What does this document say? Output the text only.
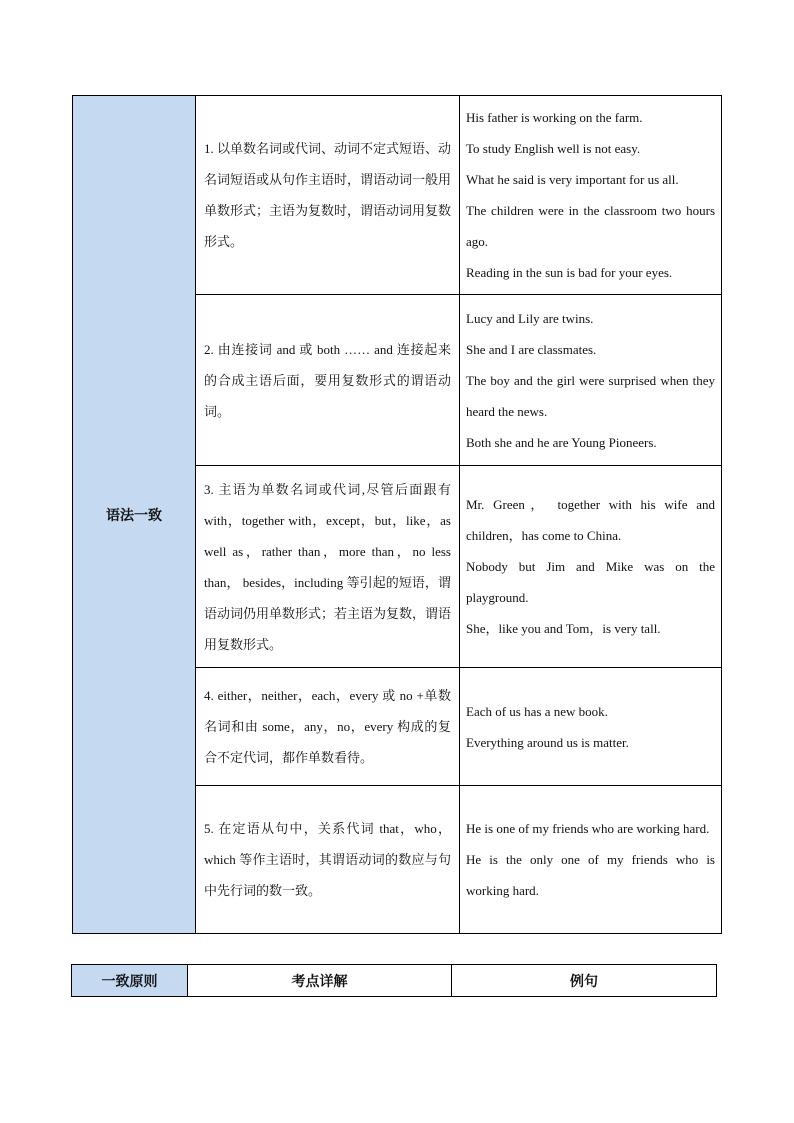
语法一致	1. 以单数名词或代词、动词不定式短语、动名词短语或从句作主语时，谓语动词一般用单数形式；主语为复数时，谓语动词用复数形式。	His father is working on the farm.

To study English well is not easy.

What he said is very important for us all.

The children were in the classroom two hours ago.

Reading in the sun is bad for your eyes.

	2. 由连接词 and 或 both …… and 连接起来的合成主语后面，要用复数形式的谓语动词。	Lucy and Lily are twins.

She and I are classmates.

The boy and the girl were surprised when they heard the news.

Both she and he are Young Pioneers.

	3. 主语为单数名词或代词,尽管后面跟有 with，together with，except，but，like，as well as，rather than，more than，no less than， besides，including 等引起的短语，谓语动词仍用单数形式；若主语为复数，谓语用复数形式。	Mr. Green， together with his wife and children，has come to China.

Nobody but Jim and Mike was on the playground.

She，like you and Tom，is very tall.

	4. either，neither，each，every 或 no +单数名词和由 some，any，no，every 构成的复合不定代词，都作单数看待。	Each of us has a new book.

Everything around us is matter.

	5. 在定语从句中，关系代词 that，who，which 等作主语时，其谓语动词的数应与句中先行词的数一致。	He is one of my friends who are working hard.

He is the only one of my friends who is working hard.

一致原则	考点详解	例句
